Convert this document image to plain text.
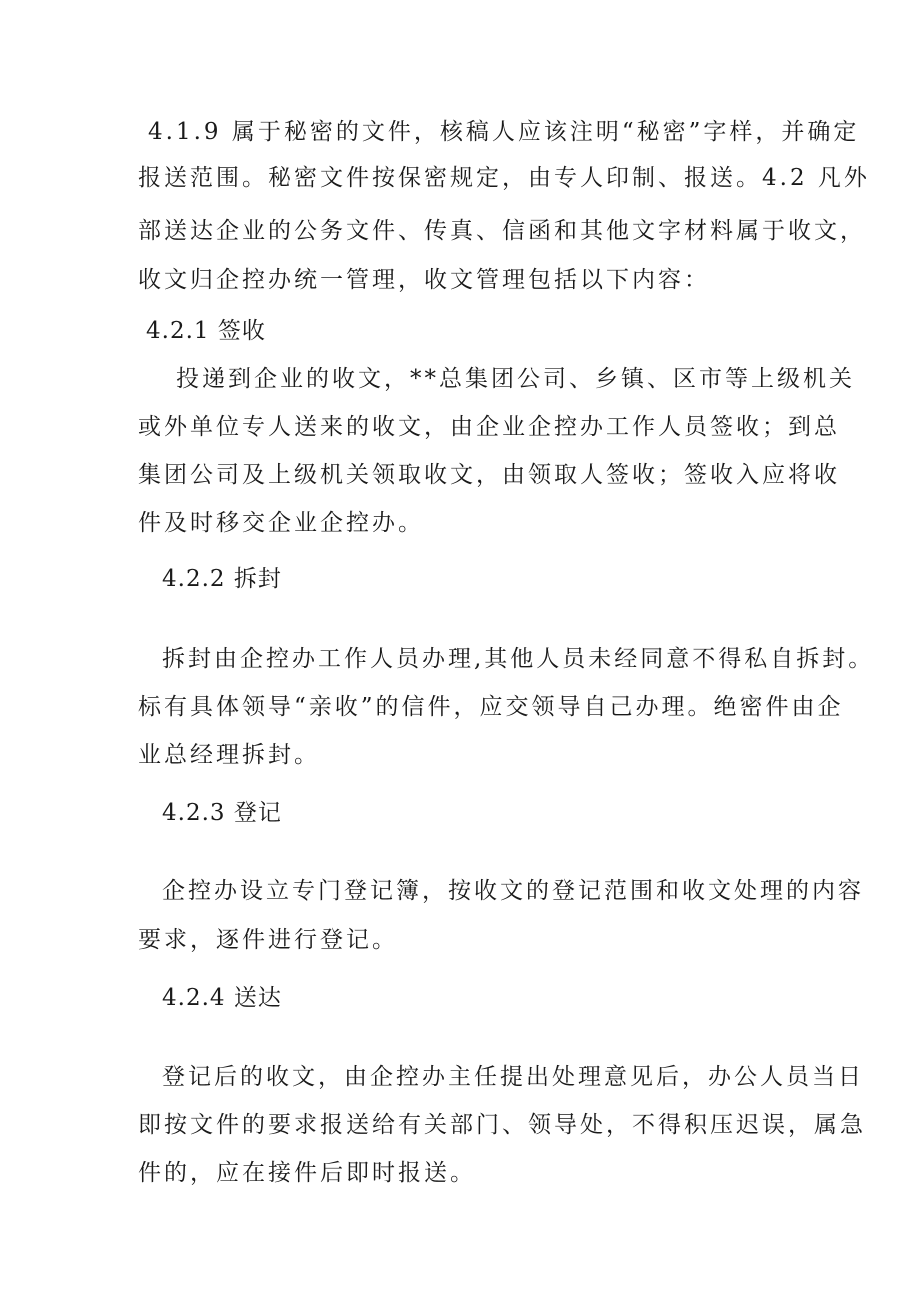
4.1.9 属于秘密的文件，核稿人应该注明“秘密”字样，并确定
报送范围。秘密文件按保密规定，由专人印制、报送。4.2 凡外
部送达企业的公务文件、传真、信函和其他文字材料属于收文，
收文归企控办统一管理，收文管理包括以下内容：
4.2.1 签收
投递到企业的收文，**总集团公司、乡镇、区市等上级机关
或外单位专人送来的收文，由企业企控办工作人员签收；到总
集团公司及上级机关领取收文，由领取人签收；签收入应将收
件及时移交企业企控办。
4.2.2 拆封
拆封由企控办工作人员办理,其他人员未经同意不得私自拆封。
标有具体领导“亲收”的信件，应交领导自己办理。绝密件由企
业总经理拆封。
4.2.3 登记
企控办设立专门登记簿，按收文的登记范围和收文处理的内容
要求，逐件进行登记。
4.2.4 送达
登记后的收文，由企控办主任提出处理意见后，办公人员当日
即按文件的要求报送给有关部门、领导处，不得积压迟误，属急
件的，应在接件后即时报送。
